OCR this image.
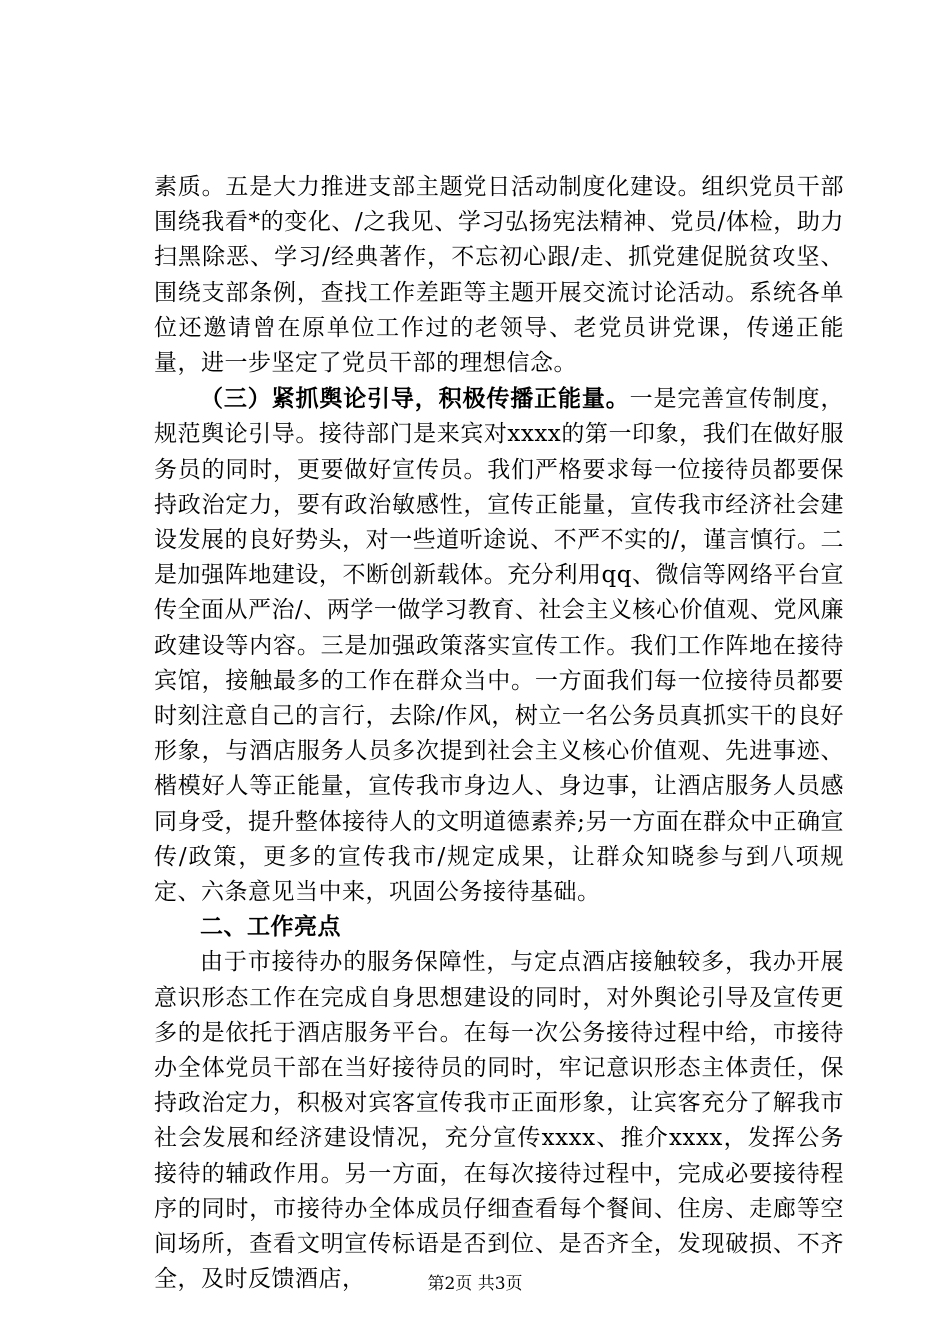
素质。五是大力推进支部主题党日活动制度化建设。组织党员干部围绕我看*的变化、/之我见、学习弘扬宪法精神、党员/体检，助力扫黑除恶、学习/经典著作，不忘初心跟/走、抓党建促脱贫攻坚、围绕支部条例，查找工作差距等主题开展交流讨论活动。系统各单位还邀请曾在原单位工作过的老领导、老党员讲党课，传递正能量，进一步坚定了党员干部的理想信念。

（三）紧抓舆论引导，积极传播正能量。一是完善宣传制度，规范舆论引导。接待部门是来宾对xxxx的第一印象，我们在做好服务员的同时，更要做好宣传员。我们严格要求每一位接待员都要保持政治定力，要有政治敏感性，宣传正能量，宣传我市经济社会建设发展的良好势头，对一些道听途说、不严不实的/，谨言慎行。二是加强阵地建设，不断创新载体。充分利用qq、微信等网络平台宣传全面从严治/、两学一做学习教育、社会主义核心价值观、党风廉政建设等内容。三是加强政策落实宣传工作。我们工作阵地在接待宾馆，接触最多的工作在群众当中。一方面我们每一位接待员都要时刻注意自己的言行，去除/作风，树立一名公务员真抓实干的良好形象，与酒店服务人员多次提到社会主义核心价值观、先进事迹、楷模好人等正能量，宣传我市身边人、身边事，让酒店服务人员感同身受，提升整体接待人的文明道德素养;另一方面在群众中正确宣传/政策，更多的宣传我市/规定成果，让群众知晓参与到八项规定、六条意见当中来，巩固公务接待基础。

二、工作亮点

由于市接待办的服务保障性，与定点酒店接触较多，我办开展意识形态工作在完成自身思想建设的同时，对外舆论引导及宣传更多的是依托于酒店服务平台。在每一次公务接待过程中给，市接待办全体党员干部在当好接待员的同时，牢记意识形态主体责任，保持政治定力，积极对宾客宣传我市正面形象，让宾客充分了解我市社会发展和经济建设情况，充分宣传xxxx、推介xxxx，发挥公务接待的辅政作用。另一方面，在每次接待过程中，完成必要接待程序的同时，市接待办全体成员仔细查看每个餐间、住房、走廊等空间场所，查看文明宣传标语是否到位、是否齐全，发现破损、不齐全，及时反馈酒店，	第2页 共3页
